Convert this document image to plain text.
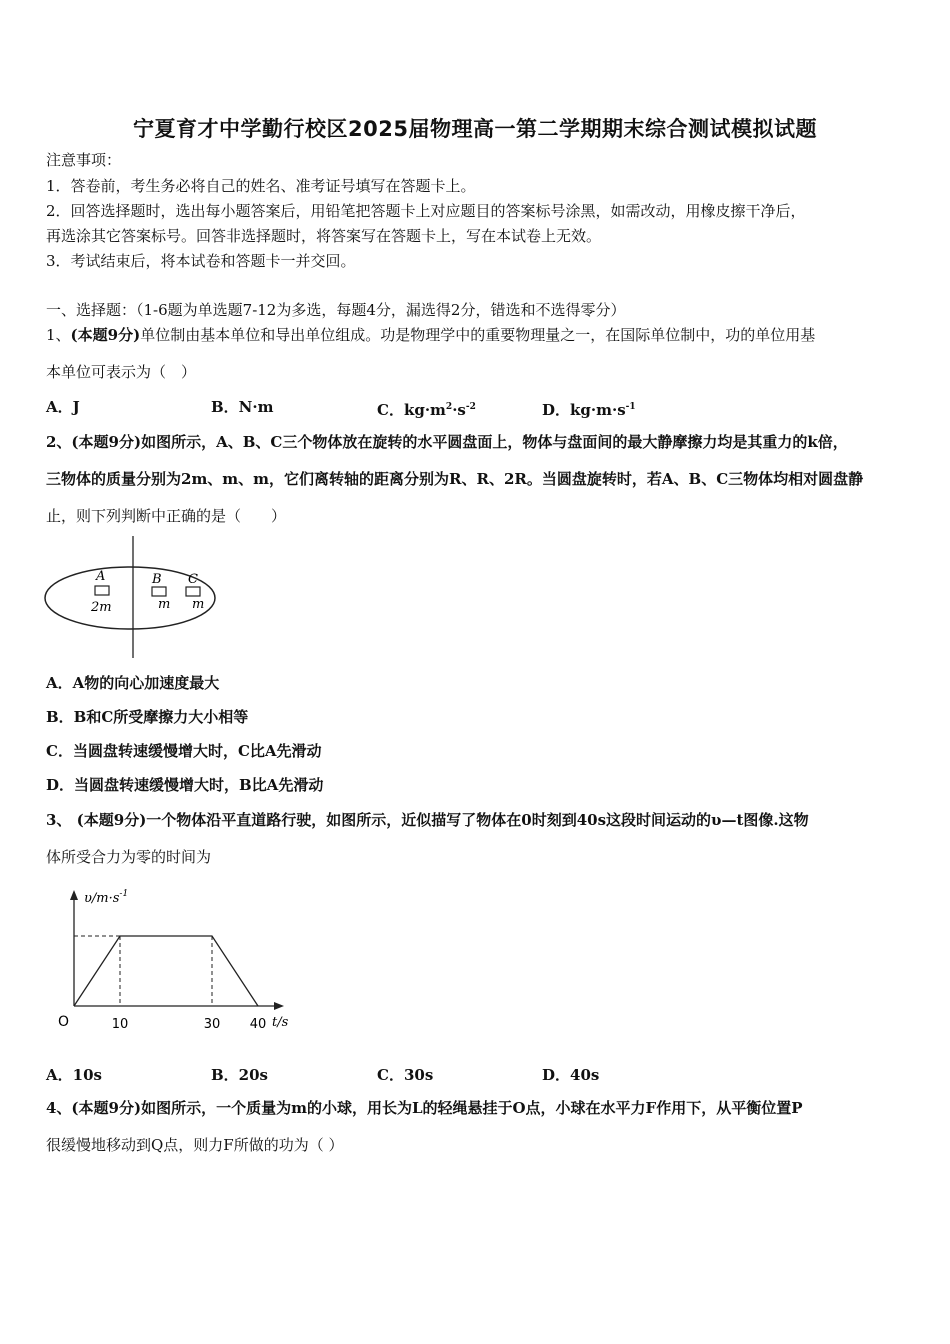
宁夏育才中学勤行校区2025届物理高一第二学期期末综合测试模拟试题
注意事项：
1．答卷前，考生务必将自己的姓名、准考证号填写在答题卡上。
2．回答选择题时，选出每小题答案后，用铅笔把答题卡上对应题目的答案标号涂黑，如需改动，用橡皮擦干净后，
再选涂其它答案标号。回答非选择题时，将答案写在答题卡上，写在本试卷上无效。
3．考试结束后，将本试卷和答题卡一并交回。
一、选择题：（1-6题为单选题7-12为多选，每题4分，漏选得2分，错选和不选得零分）
1、(本题9分)单位制由基本单位和导出单位组成。功是物理学中的重要物理量之一，在国际单位制中，功的单位用基
本单位可表示为（　）
A．J	B．N·m	C．$kg\cdot m^2\cdot s^{-2}$	D．$kg\cdot m\cdot s^{-1}$
2、(本题9分)如图所示，A、B、C三个物体放在旋转的水平圆盘面上，物体与盘面间的最大静摩擦力均是其重力的k倍，
三物体的质量分别为2m、m、m，它们离转轴的距离分别为R、R、2R。当圆盘旋转时，若A、B、C三物体均相对圆盘静
止，则下列判断中正确的是（　　）
A	B C
2m	m m
A．A物的向心加速度最大
B．B和C所受摩擦力大小相等
C．当圆盘转速缓慢增大时，C比A先滑动
D．当圆盘转速缓慢增大时，B比A先滑动
3、 (本题9分)一个物体沿平直道路行驶，如图所示，近似描写了物体在0时刻到40s这段时间运动的υ—t图像.这物
体所受合力为零的时间为
10	30 40
$\upsilon/m\cdot s^{-1}$
t/s
O
A．10s	B．20s	C．30s	D．40s
4、(本题9分)如图所示，一个质量为m的小球，用长为L的轻绳悬挂于O点，小球在水平力F作用下，从平衡位置P
很缓慢地移动到Q点，则力F所做的功为（ ）
